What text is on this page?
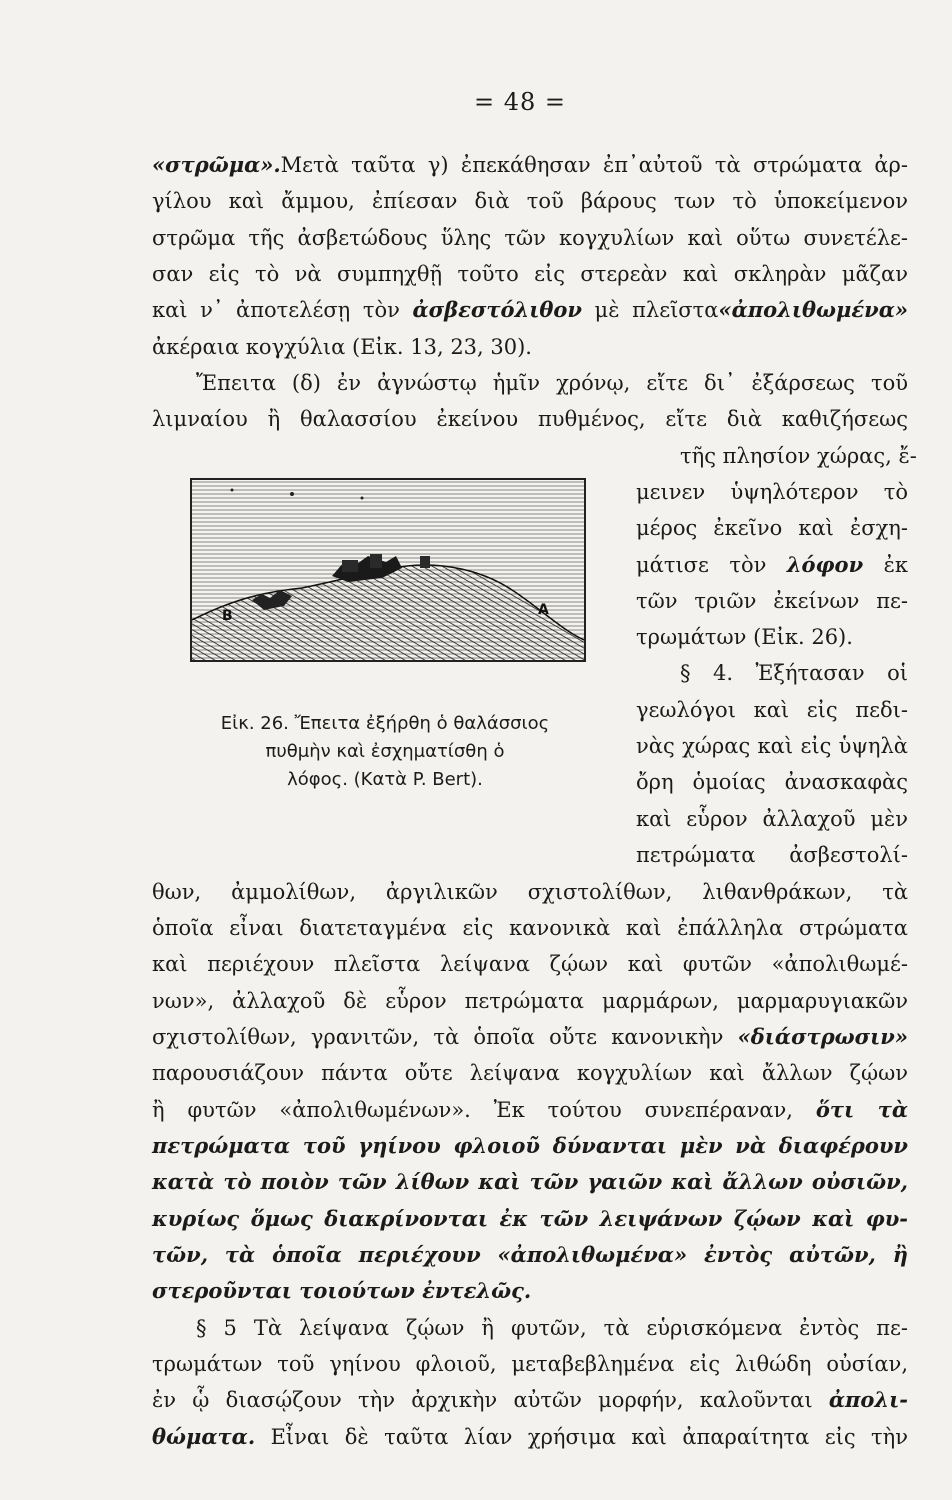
= 48 =
«στρῶμα».Μετὰ ταῦτα γ) ἐπεκάθησαν ἐπ᾿αὐτοῦ τὰ στρώματα ἀρ-
γίλου καὶ ἄμμου, ἐπίεσαν διὰ τοῦ βάρους των τὸ ὑποκείμενον
στρῶμα τῆς ἀσβετώδους ὕλης τῶν κογχυλίων καὶ οὕτω συνετέλε-
σαν εἰς τὸ νὰ συμπηχθῇ τοῦτο εἰς στερεὰν καὶ σκληρὰν μᾶζαν
καὶ ν᾿ ἀποτελέσῃ τὸν ἀσβεστόλιθον μὲ πλεῖστα«ἀπολιθωμένα»
ἀκέραια κογχύλια (Εἰκ. 13, 23, 30).
Ἔπειτα (δ) ἐν ἀγνώστῳ ἡμῖν χρόνῳ, εἴτε δι᾿ ἐξάρσεως τοῦ
λιμναίου ἢ θαλασσίου ἐκείνου πυθμένος, εἴτε διὰ καθιζήσεως
τῆς πλησίον χώρας, ἔ-
μεινεν ὑψηλότερον τὸ
μέρος ἐκεῖνο καὶ ἐσχη-
μάτισε τὸν λόφον ἐκ
τῶν τριῶν ἐκείνων πε-
τρωμάτων (Εἰκ. 26).
§ 4. Ἐξήτασαν οἱ
γεωλόγοι καὶ εἰς πεδι-
νὰς χώρας καὶ εἰς ὑψηλὰ
ὄρη ὁμοίας ἀνασκαφὰς
καὶ εὗρον ἀλλαχοῦ μὲν
πετρώματα ἀσβεστολί-
Β	Α
Εἰκ. 26. Ἔπειτα ἐξήρθη ὁ θαλάσσιος
πυθμὴν καὶ ἐσχηματίσθη ὁ
λόφος. (Κατὰ P. Bert).
θων, ἀμμολίθων, ἀργιλικῶν σχιστολίθων, λιθανθράκων, τὰ
ὁποῖα εἶναι διατεταγμένα εἰς κανονικὰ καὶ ἐπάλληλα στρώματα
καὶ περιέχουν πλεῖστα λείψανα ζῴων καὶ φυτῶν «ἀπολιθωμέ-
νων», ἀλλαχοῦ δὲ εὗρον πετρώματα μαρμάρων, μαρμαρυγιακῶν
σχιστολίθων, γρανιτῶν, τὰ ὁποῖα οὔτε κανονικὴν «διάστρωσιν»
παρουσιάζουν πάντα οὔτε λείψανα κογχυλίων καὶ ἄλλων ζῴων
ἢ φυτῶν «ἀπολιθωμένων». Ἐκ τούτου συνεπέραναν, ὅτι τὰ
πετρώματα τοῦ γηίνου φλοιοῦ δύνανται μὲν νὰ διαφέρουν
κατὰ τὸ ποιὸν τῶν λίθων καὶ τῶν γαιῶν καὶ ἄλλων οὐσιῶν,
κυρίως ὅμως διακρίνονται ἐκ τῶν λειψάνων ζῴων καὶ φυ-
τῶν, τὰ ὁποῖα περιέχουν «ἀπολιθωμένα» ἐντὸς αὐτῶν, ἢ
στεροῦνται τοιούτων ἐντελῶς.
§ 5 Τὰ λείψανα ζῴων ἢ φυτῶν, τὰ εὑρισκόμενα ἐντὸς πε-
τρωμάτων τοῦ γηίνου φλοιοῦ, μεταβεβλημένα εἰς λιθώδη οὐσίαν,
ἐν ᾧ διασῴζουν τὴν ἀρχικὴν αὐτῶν μορφήν, καλοῦνται ἀπολι-
θώματα. Εἶναι δὲ ταῦτα λίαν χρήσιμα καὶ ἀπαραίτητα εἰς τὴν
